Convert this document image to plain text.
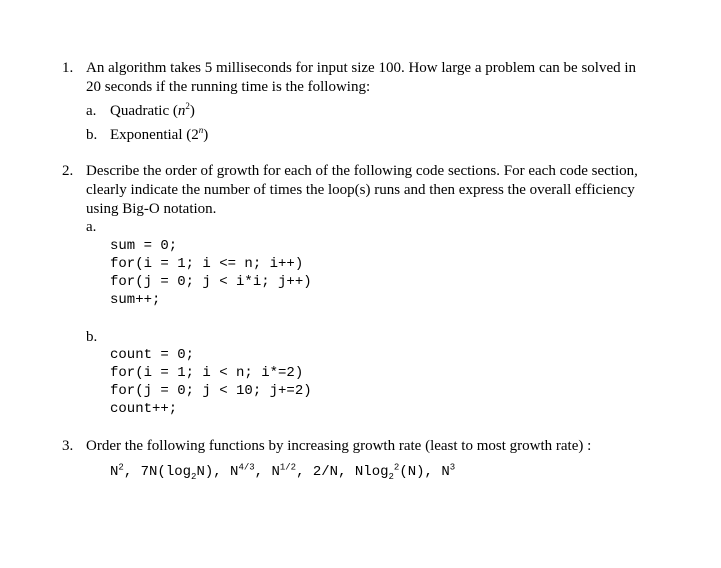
1. An algorithm takes 5 milliseconds for input size 100. How large a problem can be solved in
20 seconds if the running time is the following:
a. Quadratic $(n^2)$
b. Exponential (2$^n$)
2. Describe the order of growth for each of the following code sections. For each code section,
clearly indicate the number of times the loop(s) runs and then express the overall efficiency
using Big-O notation.
a.
sum = 0;
for(i = 1; i <= n; i++)
for(j = 0; j < i*i; j++)
sum++;
b.
count = 0;
for(i = 1; i < n; i*=2)
for(j = 0; j < 10; j+=2)
count++;
3. Order the following functions by increasing growth rate (least to most growth rate) :
$N^2$, $7N(\log_2N)$, $N^{4/3}$, $N^{1/2}$, 2/N, Nlog$_2^2$(N), $N^3$
